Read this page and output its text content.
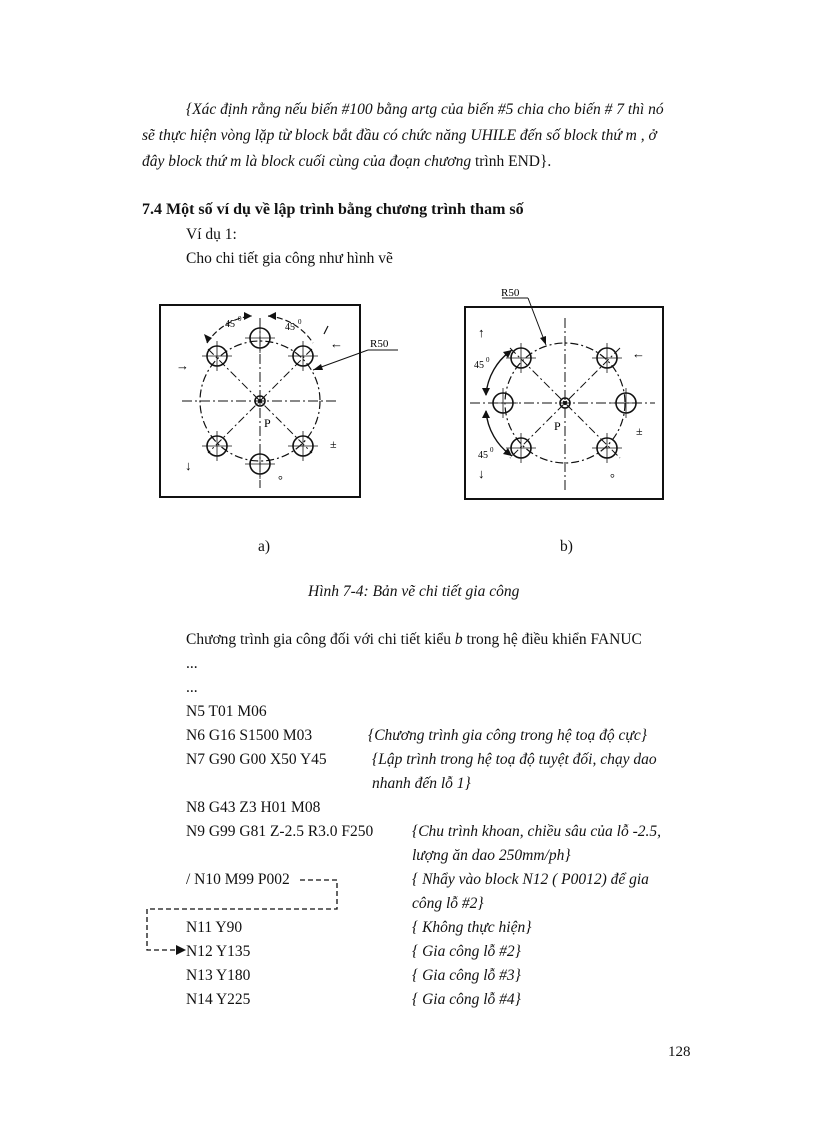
{Xác định rằng nếu biến #100 bằng artg của biến #5 chia cho biến # 7 thì nó
sẽ thực hiện vòng lặp từ block bắt đầu có chức năng UHILE đến số block thứ m , ở
đây block thứ m là block cuối cùng của đoạn chương trình END}.
7.4 Một số ví dụ về lập trình bằng chương trình tham số
Ví dụ 1:
Cho chi tiết gia công như hình vẽ
R50
45 0
45 0
P
→
←
↓
±
°
R50
45 0
45 0
P
↑
←
↓
±
°
a)	b)
Hình 7-4: Bản vẽ chi tiết gia công
Chương trình gia công đối với chi tiết kiểu b trong hệ điều khiển FANUC
...
...
N5 T01 M06
N6 G16 S1500 M03	{Chương trình gia công trong hệ toạ độ cực}
N7 G90 G00 X50 Y45	{Lập trình trong hệ toạ độ tuyệt đối, chạy dao
nhanh đến lỗ 1}
N8 G43 Z3 H01 M08
N9 G99 G81 Z-2.5 R3.0 F250 {Chu trình khoan, chiều sâu của lỗ -2.5,
lượng ăn dao 250mm/ph}
/ N10 M99 P002	{ Nhẩy vào block N12 ( P0012) để gia
công lỗ #2}
N11 Y90	{ Không thực hiện}
N12 Y135	{ Gia công lỗ #2}
N13 Y180	{ Gia công lỗ #3}
N14 Y225	{ Gia công lỗ #4}
128
